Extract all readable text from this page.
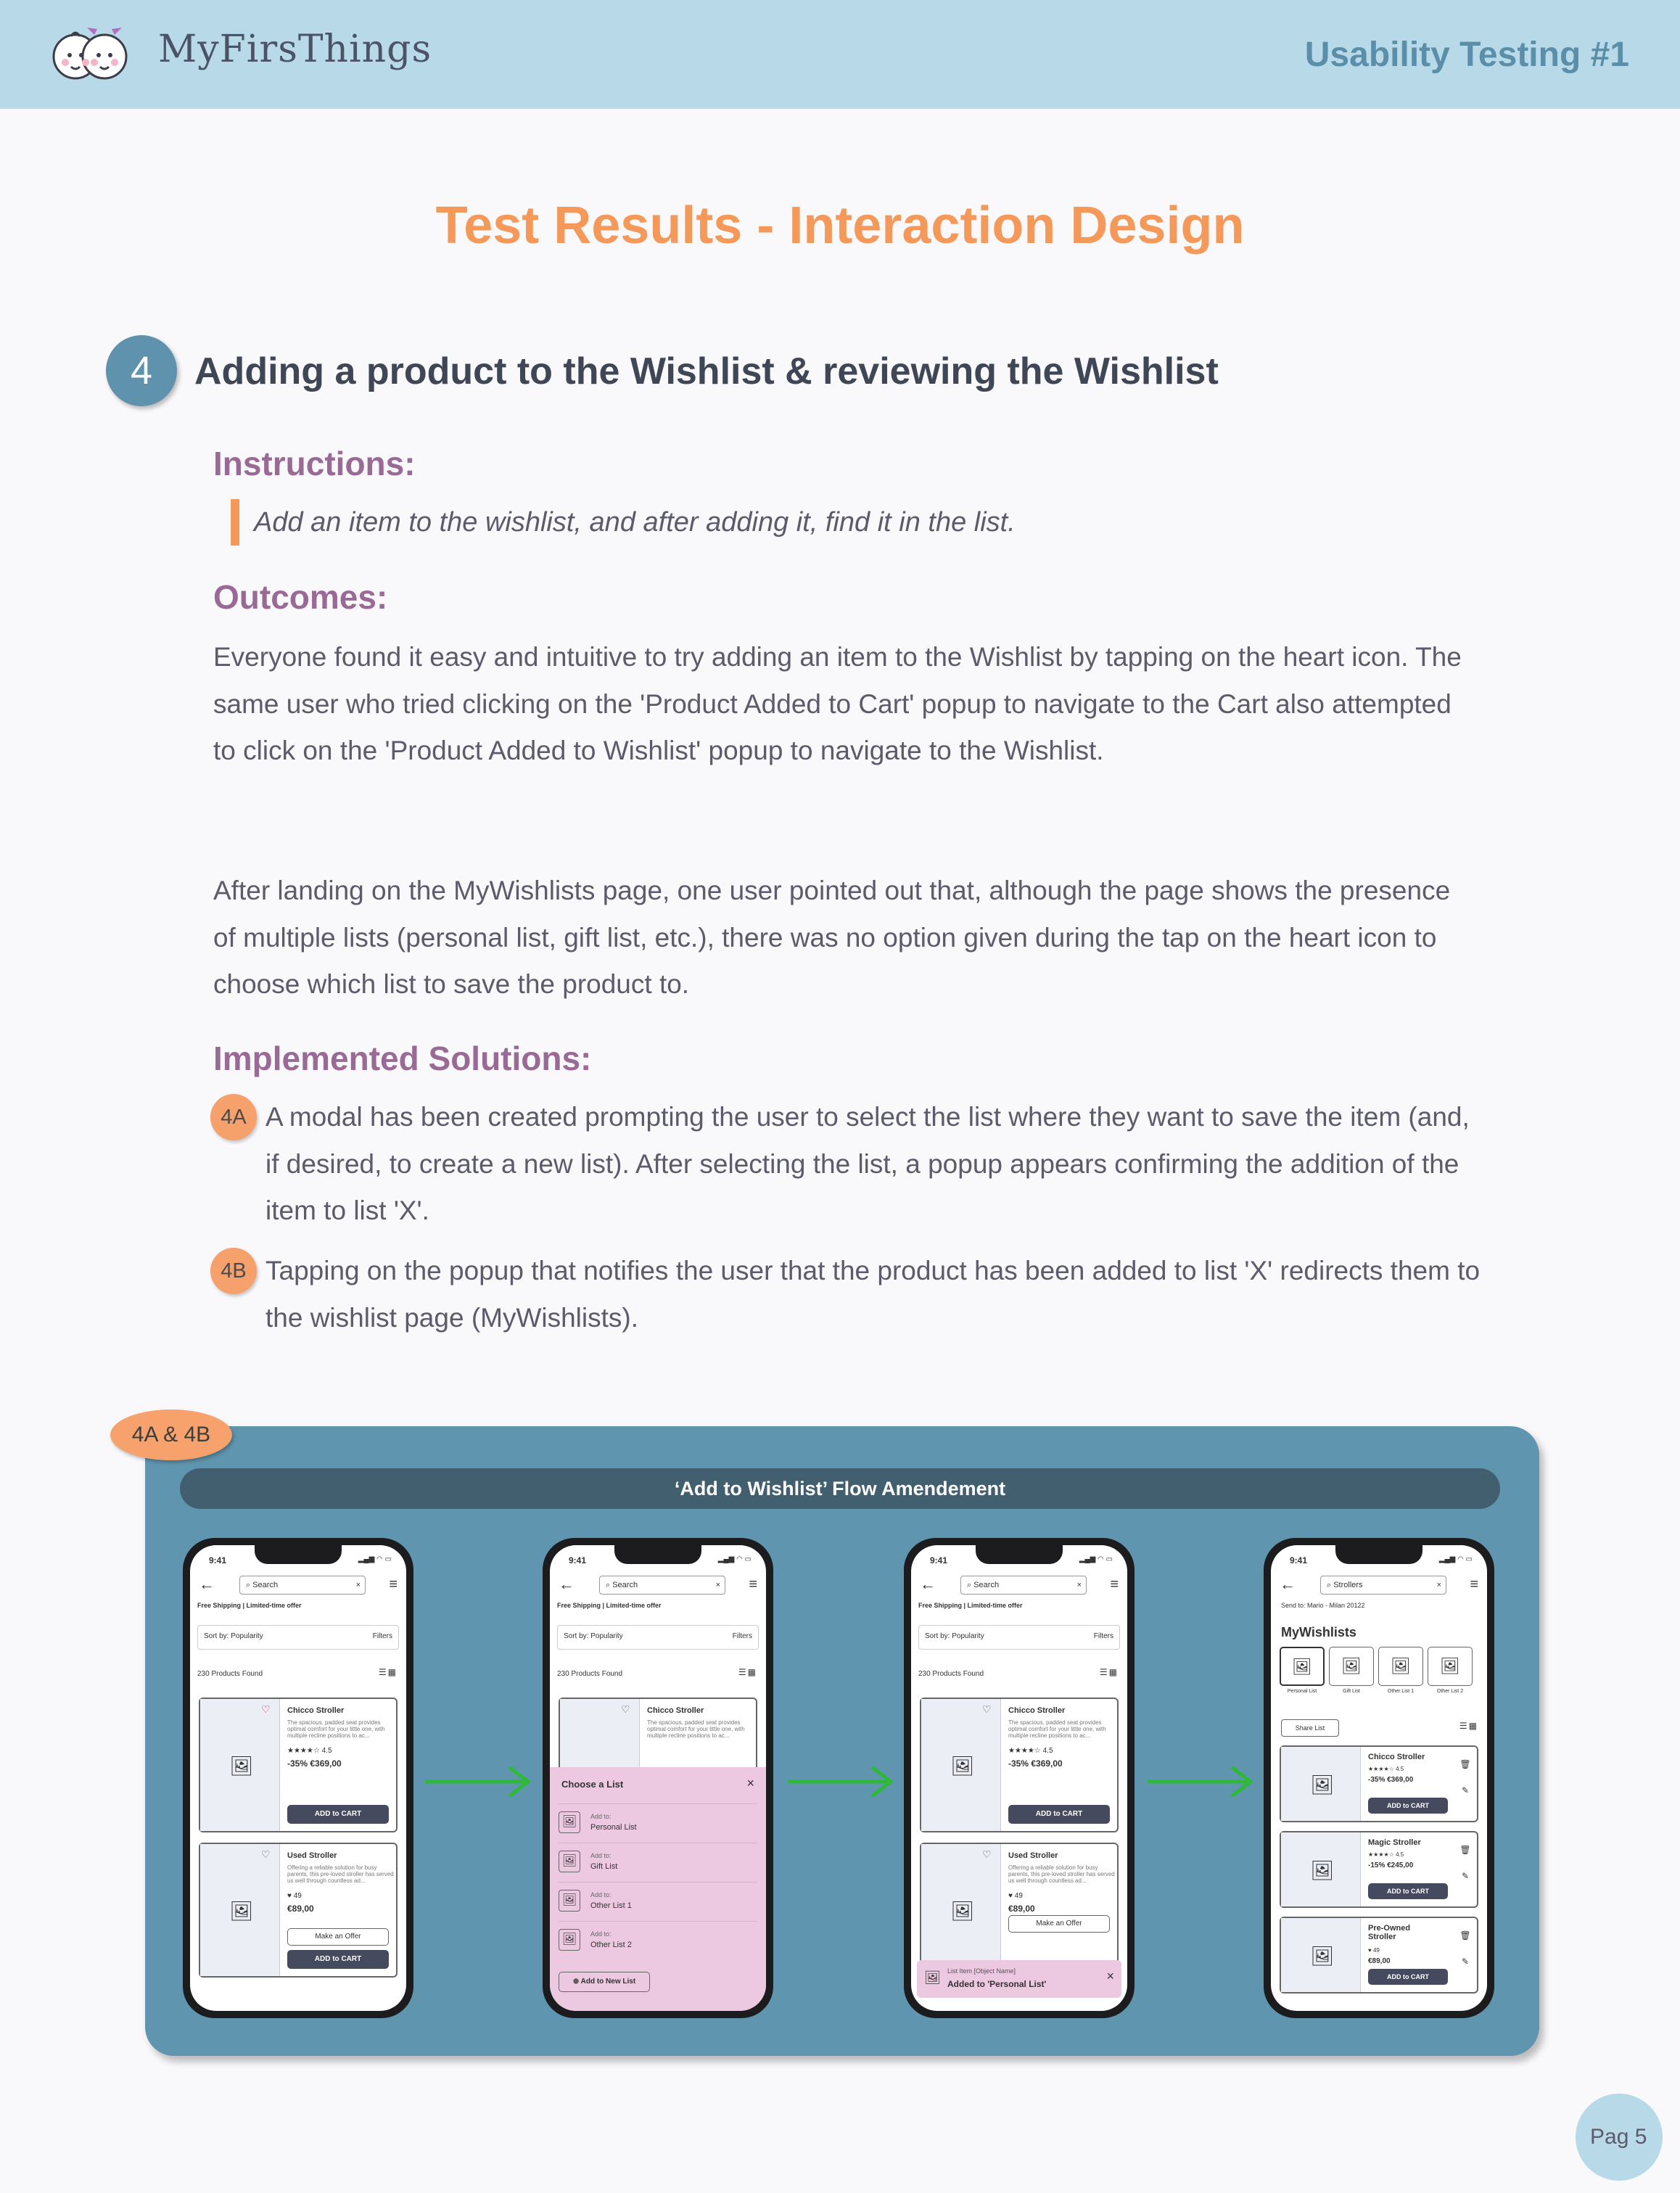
MyFirsThings	Usability Testing #1
Test Results - Interaction Design
4	Adding a product to the Wishlist & reviewing the Wishlist
Instructions:
Add an item to the wishlist, and after adding it, find it in the list.
Outcomes:
Everyone found it easy and intuitive to try adding an item to the Wishlist by tapping on the heart icon. The same user who tried clicking on the 'Product Added to Cart' popup to navigate to the Cart also attempted to click on the 'Product Added to Wishlist' popup to navigate to the Wishlist.
After landing on the MyWishlists page, one user pointed out that, although the page shows the presence of multiple lists (personal list, gift list, etc.), there was no option given during the tap on the heart icon to choose which list to save the product to.
Implemented Solutions:
4A A modal has been created prompting the user to select the list where they want to save the item (and, if desired, to create a new list). After selecting the list, a popup appears confirming the addition of the item to list 'X'.
4B Tapping on the popup that notifies the user that the product has been added to list 'X' redirects them to the wishlist page (MyWishlists).
4A & 4B
‘Add to Wishlist’ Flow Amendement
9:41	▂▄▆ ◠ ▭
←	⌕ Search	× ≡
Free Shipping | Limited-time offer
Sort by: Popularity	Filters
230 Products Found	☰▦
🖼
♡ Chicco Stroller
The spacious, padded seat provides optimal comfort for your little one, with multiple recline positions to ac...
★★★★☆ 4.5
-35% €369,00
ADD to CART
🖼
♡ Used Stroller
Offering a reliable solution for busy parents, this pre-loved stroller has served us well through countless ad...
♥ 49
€89,00
Make an Offer
ADD to CART
9:41	▂▄▆ ◠ ▭
←	⌕ Search	× ≡
Free Shipping | Limited-time offer
Sort by: Popularity	Filters
230 Products Found	☰▦
♡ Chicco Stroller
The spacious, padded seat provides optimal comfort for your little one, with multiple recline positions to ac...
Choose a List	×
🖼	Add to:
Personal List
🖼	Add to:
Gift List
🖼	Add to:
Other List 1
🖼	Add to:
Other List 2
⊕ Add to New List
9:41	▂▄▆ ◠ ▭
←	⌕ Search	× ≡
Free Shipping | Limited-time offer
Sort by: Popularity	Filters
230 Products Found	☰▦
🖼
♡ Chicco Stroller
The spacious, padded seat provides optimal comfort for your little one, with multiple recline positions to ac...
★★★★☆ 4.5
-35% €369,00
ADD to CART
🖼
♡ Used Stroller
Offering a reliable solution for busy parents, this pre-loved stroller has served us well through countless ad...
♥ 49
€89,00
Make an Offer
🖼 List Item [Object Name]
Added to 'Personal List'
×
9:41	▂▄▆ ◠ ▭
←	⌕ Strollers	× ≡
Send to: Mario - Milan 20122
MyWishlists
🖼
Personal List
🖼
Gift List
🖼
Other List 1
🖼
Other List 2
Share List	☰▦
🖼
Chicco Stroller
★★★★☆ 4.5
-35% €369,00
ADD to CART
🗑
✎
🖼
Magic Stroller
★★★★☆ 4.5
-15% €245,00
ADD to CART
🗑
✎
🖼
Pre-Owned Stroller
♥ 49
€89,00
ADD to CART
🗑
✎
Pag 5
